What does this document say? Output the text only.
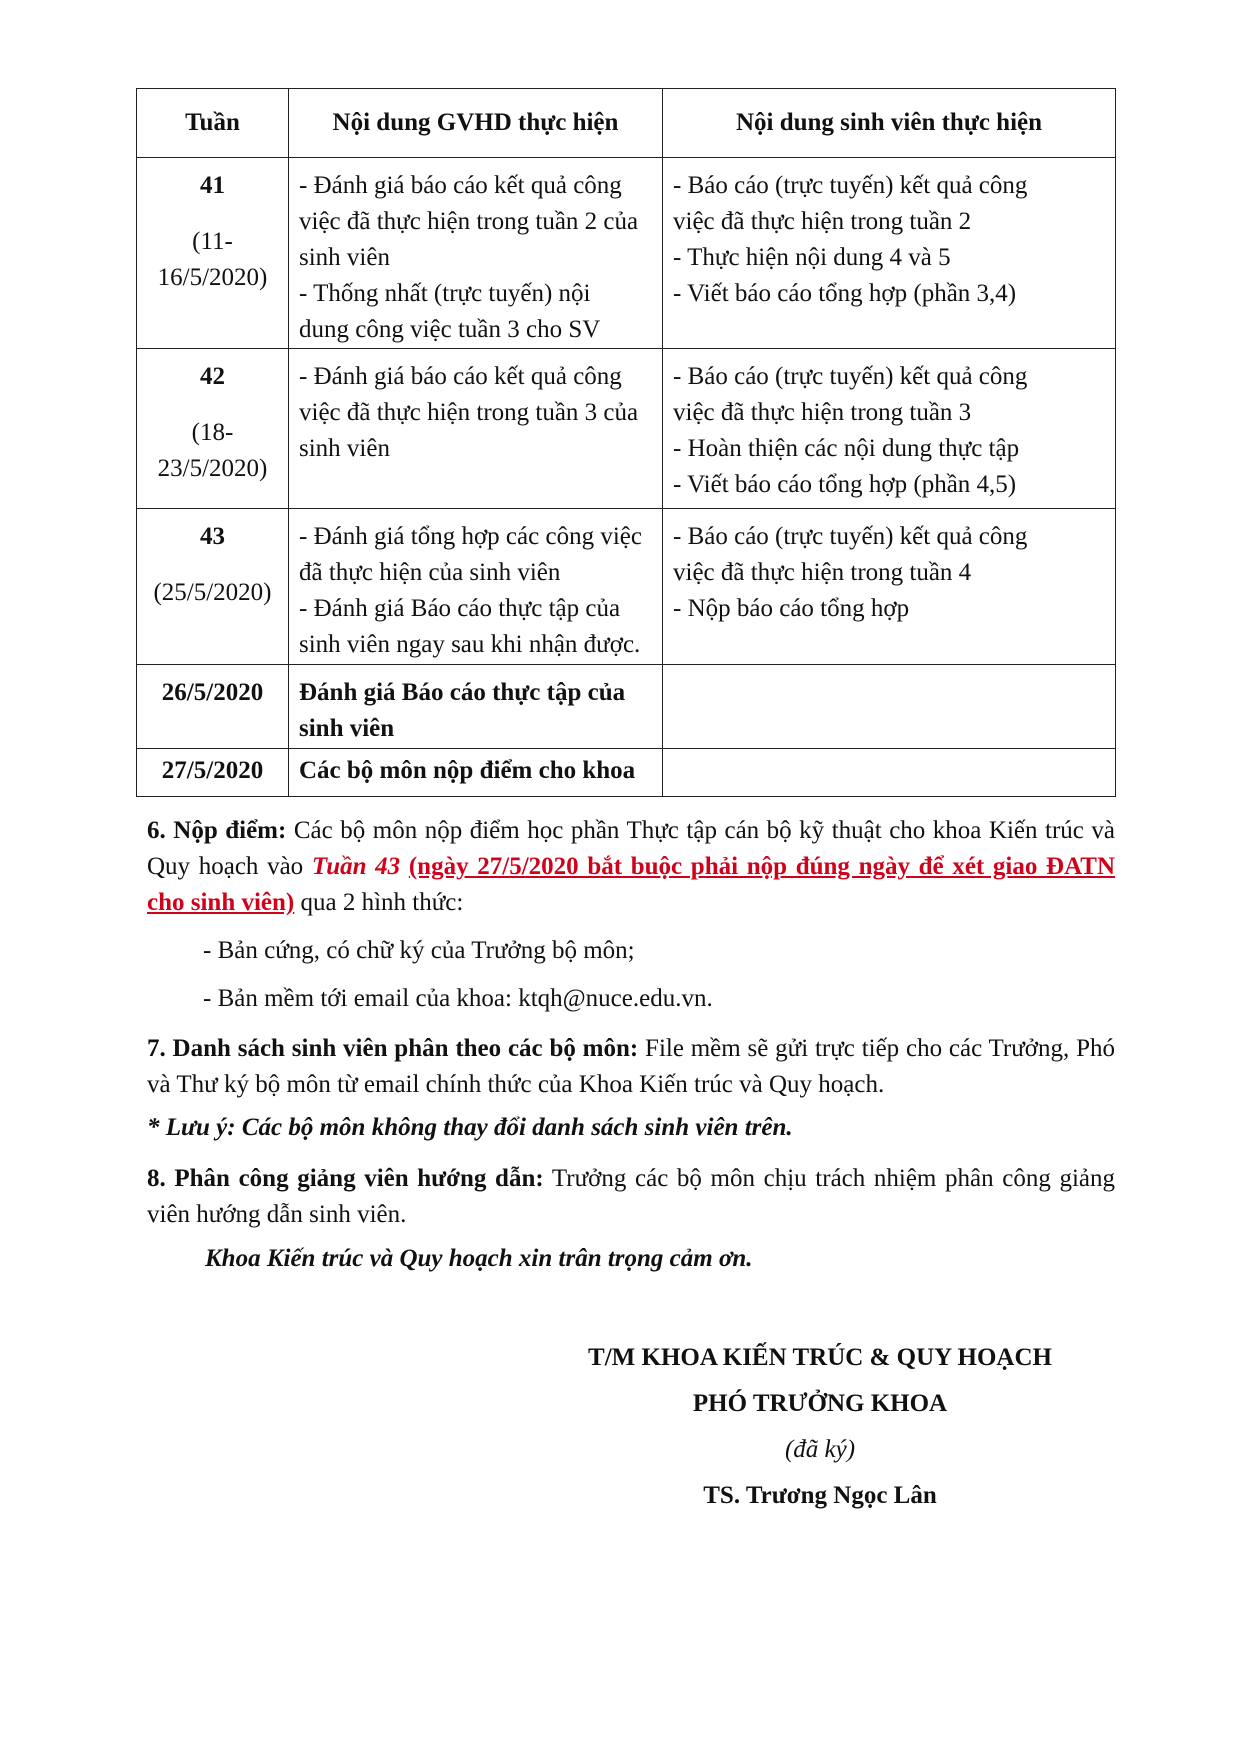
Tuần	Nội dung GVHD thực hiện	Nội dung sinh viên thực hiện

41
(11-
16/5/2020)	- Đánh giá báo cáo kết quả công
việc đã thực hiện trong tuần 2 của
sinh viên
- Thống nhất (trực tuyến) nội
dung công việc tuần 3 cho SV	- Báo cáo (trực tuyến) kết quả công
việc đã thực hiện trong tuần 2
- Thực hiện nội dung 4 và 5
- Viết báo cáo tổng hợp (phần 3,4)

42
(18-
23/5/2020)	- Đánh giá báo cáo kết quả công
việc đã thực hiện trong tuần 3 của
sinh viên	- Báo cáo (trực tuyến) kết quả công
việc đã thực hiện trong tuần 3
- Hoàn thiện các nội dung thực tập
- Viết báo cáo tổng hợp (phần 4,5)

43
(25/5/2020)	- Đánh giá tổng hợp các công việc
đã thực hiện của sinh viên
- Đánh giá Báo cáo thực tập của
sinh viên ngay sau khi nhận được.	- Báo cáo (trực tuyến) kết quả công
việc đã thực hiện trong tuần 4
- Nộp báo cáo tổng hợp

26/5/2020	Đánh giá Báo cáo thực tập của
sinh viên	

27/5/2020	Các bộ môn nộp điểm cho khoa	
6. Nộp điểm: Các bộ môn nộp điểm học phần Thực tập cán bộ kỹ thuật cho khoa Kiến trúc và Quy hoạch vào Tuần 43 (ngày 27/5/2020 bắt buộc phải nộp đúng ngày để xét giao ĐATN cho sinh viên) qua 2 hình thức:
- Bản cứng, có chữ ký của Trưởng bộ môn;
- Bản mềm tới email của khoa: ktqh@nuce.edu.vn.
7. Danh sách sinh viên phân theo các bộ môn: File mềm sẽ gửi trực tiếp cho các Trưởng, Phó và Thư ký bộ môn từ email chính thức của Khoa Kiến trúc và Quy hoạch.
* Lưu ý: Các bộ môn không thay đổi danh sách sinh viên trên.
8. Phân công giảng viên hướng dẫn: Trưởng các bộ môn chịu trách nhiệm phân công giảng viên hướng dẫn sinh viên.
Khoa Kiến trúc và Quy hoạch xin trân trọng cảm ơn.
T/M KHOA KIẾN TRÚC & QUY HOẠCH
PHÓ TRƯỞNG KHOA
(đã ký)
TS. Trương Ngọc Lân
